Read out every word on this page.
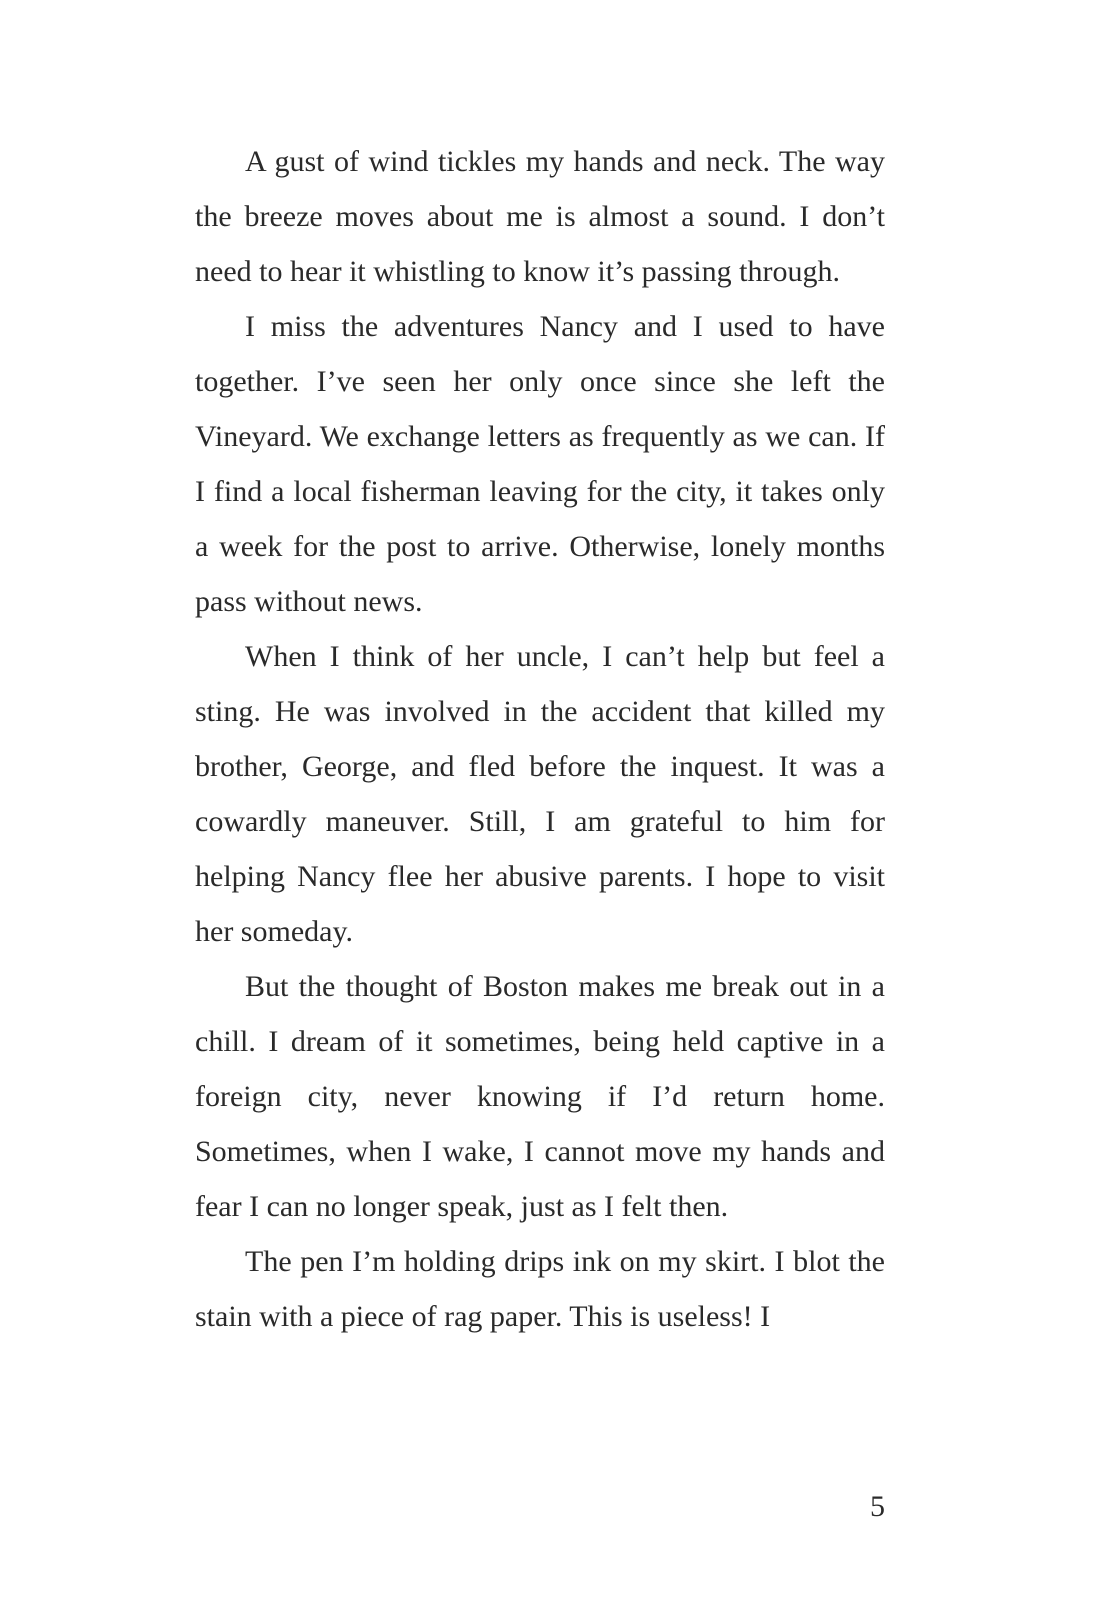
A gust of wind tickles my hands and neck. The way the breeze moves about me is almost a sound. I don’t need to hear it whistling to know it’s passing through.

I miss the adventures Nancy and I used to have together. I’ve seen her only once since she left the Vineyard. We exchange letters as frequently as we can. If I find a local fisherman leaving for the city, it takes only a week for the post to arrive. Otherwise, lonely months pass without news.

When I think of her uncle, I can’t help but feel a sting. He was involved in the accident that killed my brother, George, and fled before the inquest. It was a cowardly maneuver. Still, I am grateful to him for helping Nancy flee her abusive parents. I hope to visit her someday.

But the thought of Boston makes me break out in a chill. I dream of it sometimes, being held captive in a foreign city, never knowing if I’d return home. Sometimes, when I wake, I cannot move my hands and fear I can no longer speak, just as I felt then.

The pen I’m holding drips ink on my skirt. I blot the stain with a piece of rag paper. This is useless! I

5
